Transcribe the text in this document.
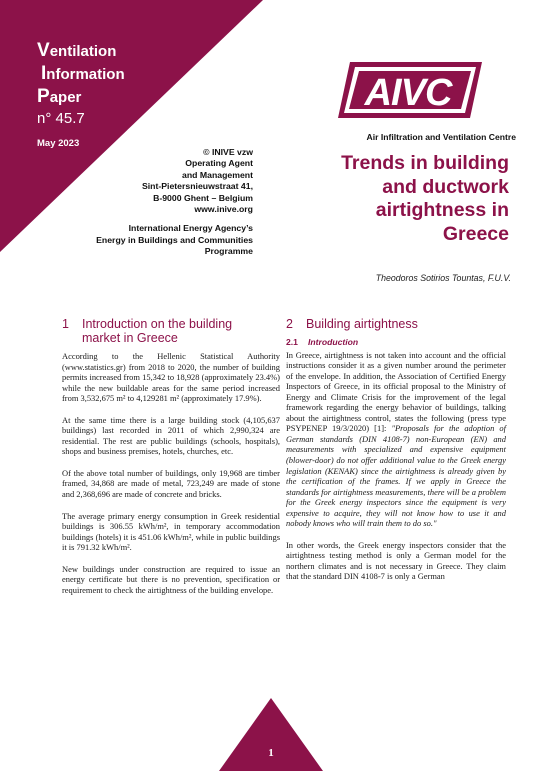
Ventilation
Information
Paper
n° 45.7
May 2023
© INIVE vzw
Operating Agent
and Management
Sint-Pietersnieuwstraat 41,
B-9000 Ghent – Belgium
www.inive.org
International Energy Agency’s
Energy in Buildings and Communities
Programme
AIVC
Air Infiltration and Ventilation Centre
Trends in building
and ductwork
airtightness in
Greece
Theodoros Sotirios Tountas, F.U.V.
1 Introduction on the building
market in Greece

According to the Hellenic Statistical Authority (www.statistics.gr) from 2018 to 2020, the number of building permits increased from 15,342 to 18,928 (approximately 23.4%) while the new buildable areas for the same period increased from 3,532,675 m² to 4,129281 m² (approximately 17.9%).

At the same time there is a large building stock (4,105,637 buildings) last recorded in 2011 of which 2,990,324 are residential. The rest are public buildings (schools, hospitals), shops and business premises, hotels, churches, etc.

Of the above total number of buildings, only 19,968 are timber framed, 34,868 are made of metal, 723,249 are made of stone and 2,368,696 are made of concrete and bricks.

The average primary energy consumption in Greek residential buildings is 306.55 kWh/m², in temporary accommodation buildings (hotels) it is 451.06 kWh/m², while in public buildings it is 791.32 kWh/m².

New buildings under construction are required to issue an energy certificate but there is no prevention, specification or requirement to check the airtightness of the building envelope.

2 Building airtightness
2.1 Introduction

In Greece, airtightness is not taken into account and the official instructions consider it as a given number around the perimeter of the envelope. In addition, the Association of Certified Energy Inspectors of Greece, in its official proposal to the Ministry of Energy and Climate Crisis for the improvement of the legal framework regarding the energy behavior of buildings, talking about the airtightness control, states the following (press type PSYPENEP 19/3/2020) [1]: "Proposals for the adoption of German standards (DIN 4108-7) non-European (EN) and measurements with specialized and expensive equipment (blower-door) do not offer additional value to the Greek energy legislation (KENAK) since the airtightness is already given by the certification of the frames. If we apply in Greece the standards for airtightness measurements, there will be a problem for the Greek energy inspectors since the equipment is very expensive to acquire, they will not know how to use it and nobody knows who will train them to do so."

In other words, the Greek energy inspectors consider that the airtightness testing method is only a German model for the northern climates and is not necessary in Greece. They claim that the standard DIN 4108-7 is only a German

1
